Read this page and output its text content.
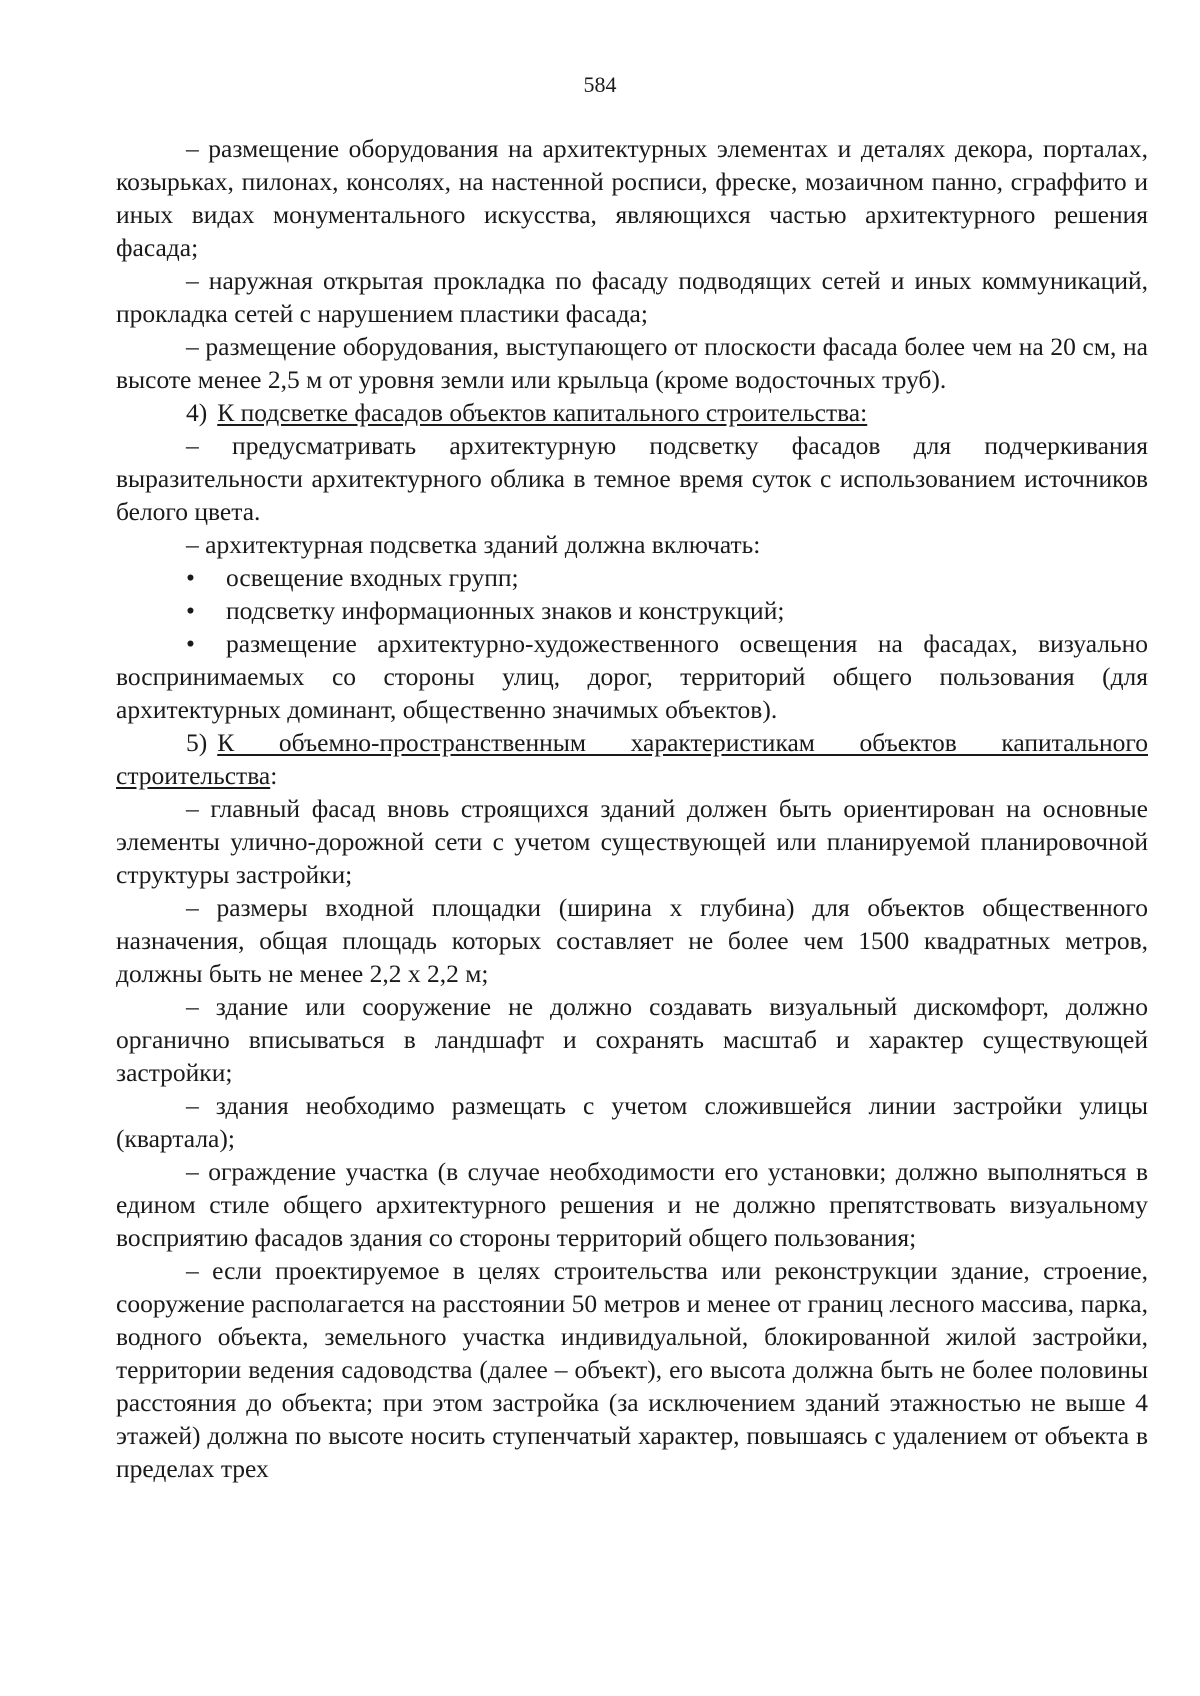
584

– размещение оборудования на архитектурных элементах и деталях декора, порталах, козырьках, пилонах, консолях, на настенной росписи, фреске, мозаичном панно, сграффито и иных видах монументального искусства, являющихся частью архитектурного решения фасада;

– наружная открытая прокладка по фасаду подводящих сетей и иных коммуникаций, прокладка сетей с нарушением пластики фасада;

– размещение оборудования, выступающего от плоскости фасада более чем на 20 см, на высоте менее 2,5 м от уровня земли или крыльца (кроме водосточных труб).

4) К подсветке фасадов объектов капитального строительства:

– предусматривать архитектурную подсветку фасадов для подчеркивания выразительности архитектурного облика в темное время суток с использованием источников белого цвета.

– архитектурная подсветка зданий должна включать:

• освещение входных групп;

• подсветку информационных знаков и конструкций;

• размещение архитектурно-художественного освещения на фасадах, визуально воспринимаемых со стороны улиц, дорог, территорий общего пользования (для архитектурных доминант, общественно значимых объектов).

5) К объемно-пространственным характеристикам объектов капитального строительства:

– главный фасад вновь строящихся зданий должен быть ориентирован на основные элементы улично-дорожной сети с учетом существующей или планируемой планировочной структуры застройки;

– размеры входной площадки (ширина х глубина) для объектов общественного назначения, общая площадь которых составляет не более чем 1500 квадратных метров, должны быть не менее 2,2 х 2,2 м;

– здание или сооружение не должно создавать визуальный дискомфорт, должно органично вписываться в ландшафт и сохранять масштаб и характер существующей застройки;

– здания необходимо размещать с учетом сложившейся линии застройки улицы (квартала);

– ограждение участка (в случае необходимости его установки; должно выполняться в едином стиле общего архитектурного решения и не должно препятствовать визуальному восприятию фасадов здания со стороны территорий общего пользования;

– если проектируемое в целях строительства или реконструкции здание, строение, сооружение располагается на расстоянии 50 метров и менее от границ лесного массива, парка, водного объекта, земельного участка индивидуальной, блокированной жилой застройки, территории ведения садоводства (далее – объект), его высота должна быть не более половины расстояния до объекта; при этом застройка (за исключением зданий этажностью не выше 4 этажей) должна по высоте носить ступенчатый характер, повышаясь с удалением от объекта в пределах трех
